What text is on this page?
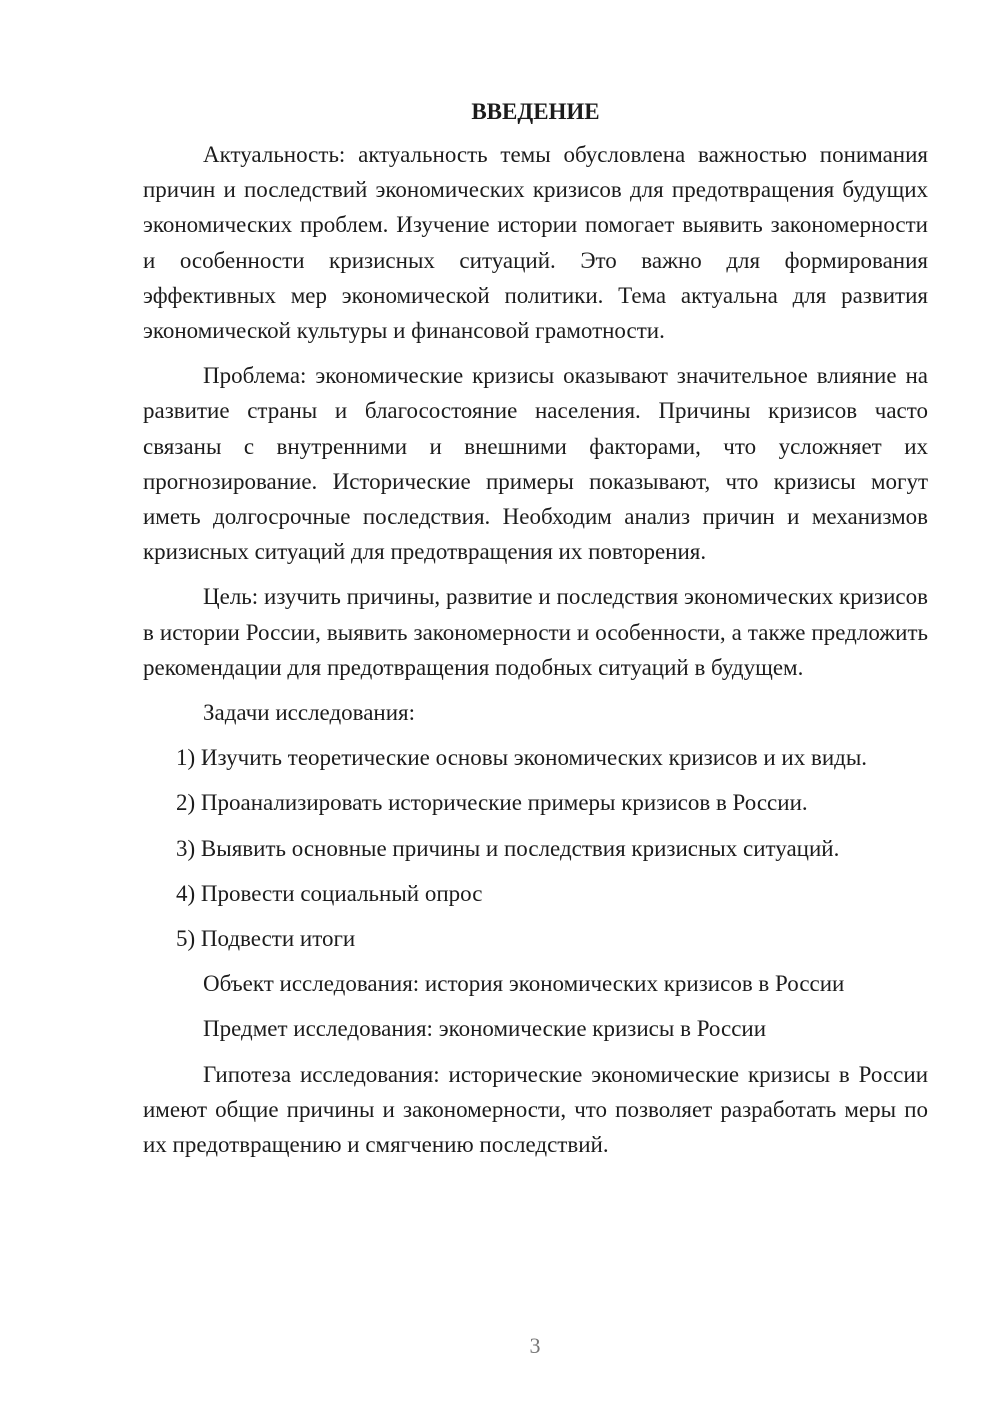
ВВЕДЕНИЕ

Актуальность: актуальность темы обусловлена важностью понимания причин и последствий экономических кризисов для предотвращения будущих экономических проблем. Изучение истории помогает выявить закономерности и особенности кризисных ситуаций. Это важно для формирования эффективных мер экономической политики. Тема актуальна для развития экономической культуры и финансовой грамотности.

Проблема: экономические кризисы оказывают значительное влияние на развитие страны и благосостояние населения. Причины кризисов часто связаны с внутренними и внешними факторами, что усложняет их прогнозирование. Исторические примеры показывают, что кризисы могут иметь долгосрочные последствия. Необходим анализ причин и механизмов кризисных ситуаций для предотвращения их повторения.

Цель: изучить причины, развитие и последствия экономических кризисов в истории России, выявить закономерности и особенности, а также предложить рекомендации для предотвращения подобных ситуаций в будущем.

Задачи исследования:

1) Изучить теоретические основы экономических кризисов и их виды.
2) Проанализировать исторические примеры кризисов в России.
3) Выявить основные причины и последствия кризисных ситуаций.
4) Провести социальный опрос
5) Подвести итоги

Объект исследования: история экономических кризисов в России

Предмет исследования: экономические кризисы в России

Гипотеза исследования: исторические экономические кризисы в России имеют общие причины и закономерности, что позволяет разработать меры по их предотвращению и смягчению последствий.

3
